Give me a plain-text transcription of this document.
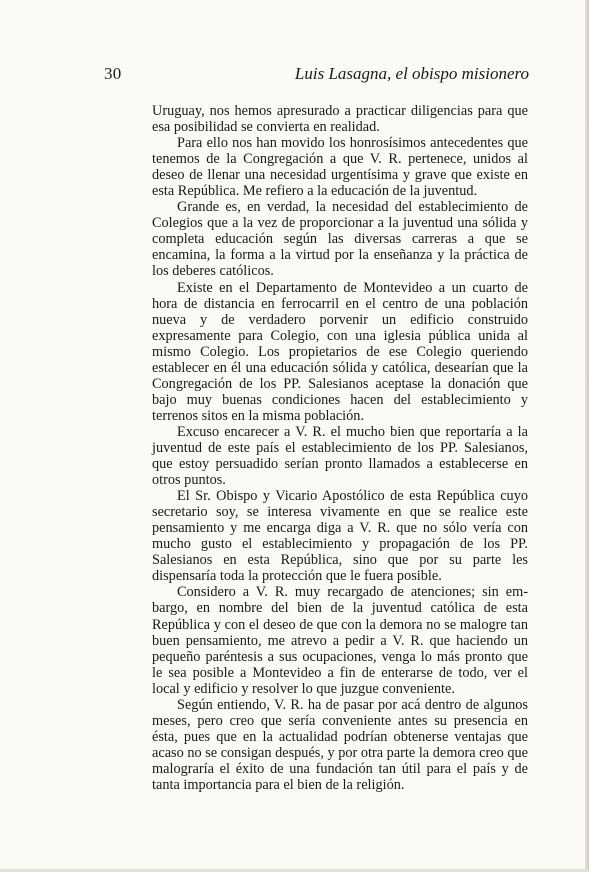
30	Luis Lasagna, el obispo misionero

Uruguay, nos hemos apresurado a practicar diligencias para que esa posibilidad se convierta en realidad.

Para ello nos han movido los honrosísimos antecedentes que tenemos de la Congregación a que V. R. pertenece, unidos al deseo de llenar una necesidad urgentísima y grave que existe en esta República. Me refiero a la educación de la juventud.

Grande es, en verdad, la necesidad del establecimiento de Colegios que a la vez de proporcionar a la juventud una sólida y completa educación según las diversas carreras a que se encamina, la forma a la virtud por la enseñanza y la práctica de los deberes católicos.

Existe en el Departamento de Montevideo a un cuarto de hora de distancia en ferrocarril en el centro de una población nueva y de verdadero porvenir un edificio construido expresamente para Colegio, con una iglesia pública unida al mismo Colegio. Los propietarios de ese Colegio queriendo establecer en él una educación sólida y católica, desearían que la Congregación de los PP. Salesianos aceptase la donación que bajo muy buenas condiciones hacen del establecimiento y terrenos sitos en la misma población.

Excuso encarecer a V. R. el mucho bien que reportaría a la juventud de este país el establecimiento de los PP. Salesianos, que estoy persuadido serían pronto llamados a establecerse en otros puntos.

El Sr. Obispo y Vicario Apostólico de esta República cuyo secretario soy, se interesa vivamente en que se realice este pensamiento y me encarga diga a V. R. que no sólo vería con mucho gusto el establecimiento y propagación de los PP. Salesianos en esta República, sino que por su parte les dispensaría toda la protección que le fuera posible.

Considero a V. R. muy recargado de atenciones; sin embargo, en nombre del bien de la juventud católica de esta República y con el deseo de que con la demora no se malogre tan buen pensamiento, me atrevo a pedir a V. R. que haciendo un pequeño paréntesis a sus ocupaciones, venga lo más pronto que le sea posible a Montevideo a fin de enterarse de todo, ver el local y edificio y resolver lo que juzgue conveniente.

Según entiendo, V. R. ha de pasar por acá dentro de algunos meses, pero creo que sería conveniente antes su presencia en ésta, pues que en la actualidad podrían obtenerse ventajas que acaso no se consigan después, y por otra parte la demora creo que malograría el éxito de una fundación tan útil para el país y de tanta importancia para el bien de la religión.
